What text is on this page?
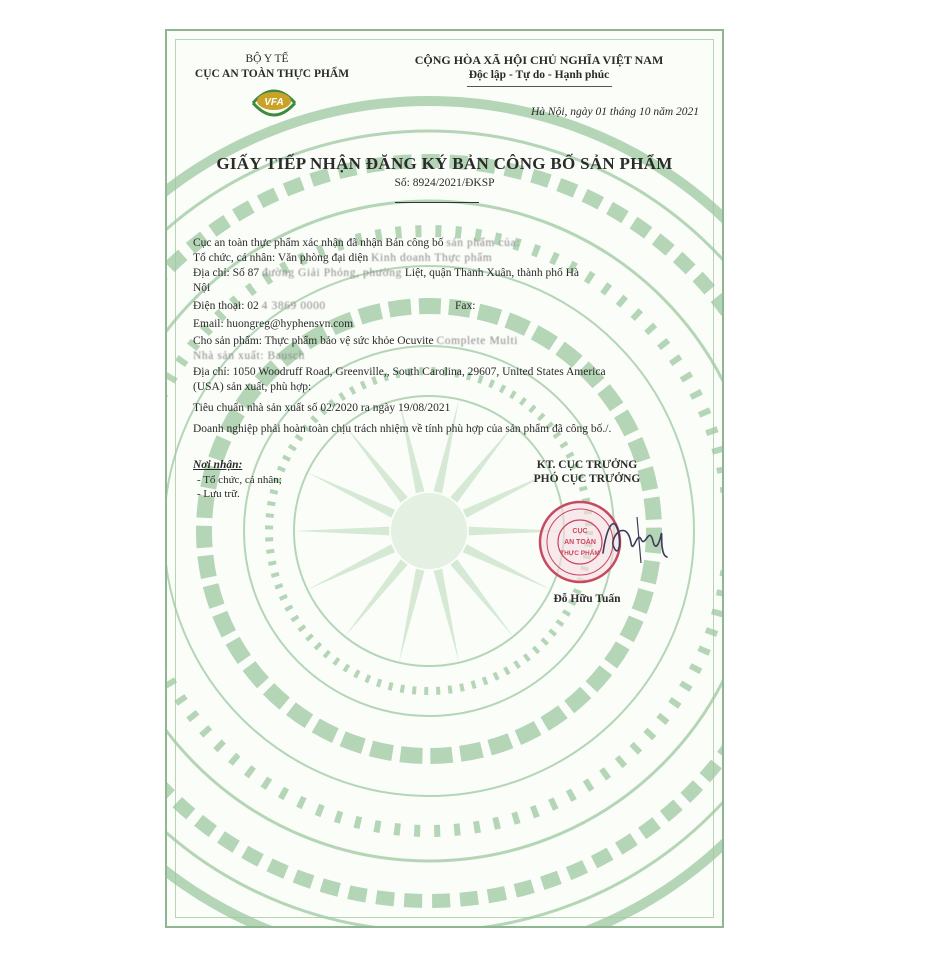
BỘ Y TẾ
CỤC AN TOÀN THỰC PHẨM
VFA
CỘNG HÒA XÃ HỘI CHỦ NGHĨA VIỆT NAM
Độc lập - Tự do - Hạnh phúc
Hà Nội, ngày 01 tháng 10 năm 2021
GIẤY TIẾP NHẬN ĐĂNG KÝ BẢN CÔNG BỐ SẢN PHẨM
Số: 8924/2021/ĐKSP
Cục an toàn thực phẩm xác nhận đã nhận Bản công bố sản phẩm của:
Tổ chức, cá nhân: Văn phòng đại diện Kinh doanh Thực phẩm
Địa chỉ: Số 87 đường Giải Phóng, phường Liệt, quận Thanh Xuân, thành phố Hà
Nội
Điện thoại: 02 4 3869 0000	Fax:
Email: huongreg@hyphensvn.com
Cho sản phẩm: Thực phẩm bảo vệ sức khỏe Ocuvite Complete Multi
Nhà sản xuất: Bausch
Địa chỉ: 1050 Woodruff Road, Greenville,, South Carolina, 29607, United States America
(USA) sản xuất, phù hợp:
Tiêu chuẩn nhà sản xuất số 02/2020 ra ngày 19/08/2021
Doanh nghiệp phải hoàn toàn chịu trách nhiệm về tính phù hợp của sản phẩm đã công bố./.
Nơi nhận:
- Tổ chức, cá nhân;
- Lưu trữ.
KT. CỤC TRƯỞNG
PHÓ CỤC TRƯỞNG
CỤC
AN TOÀN
THỰC PHẨM
Đỗ Hữu Tuấn
